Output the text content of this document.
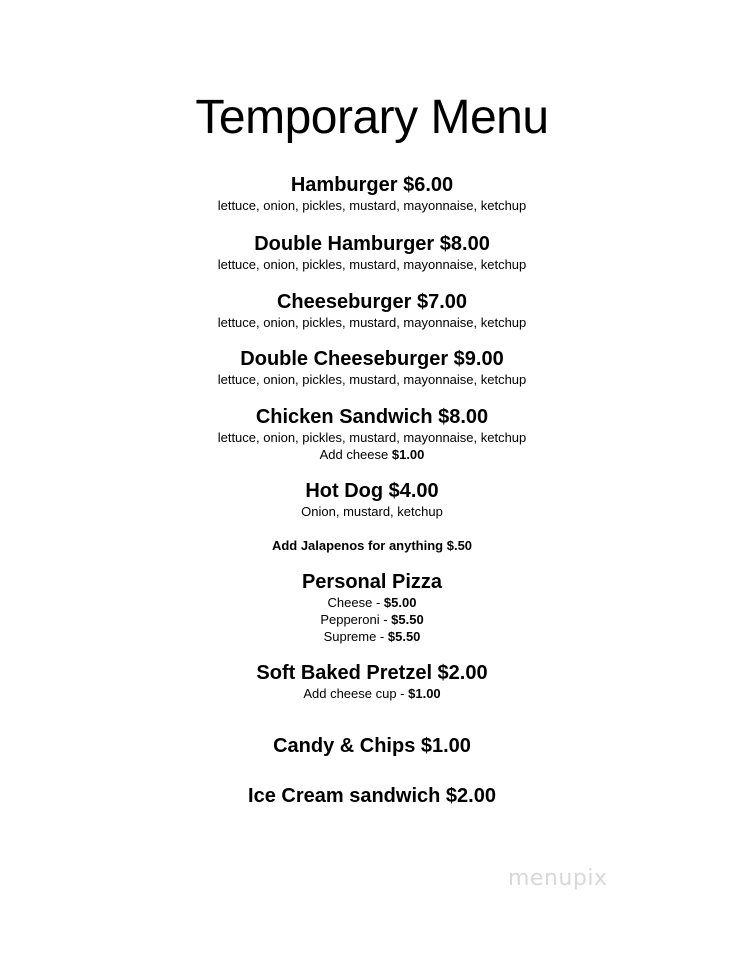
Temporary Menu
Hamburger $6.00
lettuce, onion, pickles, mustard, mayonnaise, ketchup
Double Hamburger $8.00
lettuce, onion, pickles, mustard, mayonnaise, ketchup
Cheeseburger $7.00
lettuce, onion, pickles, mustard, mayonnaise, ketchup
Double Cheeseburger $9.00
lettuce, onion, pickles, mustard, mayonnaise, ketchup
Chicken Sandwich $8.00
lettuce, onion, pickles, mustard, mayonnaise, ketchup
Add cheese $1.00
Hot Dog $4.00
Onion, mustard, ketchup
Add Jalapenos for anything $.50
Personal Pizza
Cheese - $5.00
Pepperoni - $5.50
Supreme - $5.50
Soft Baked Pretzel $2.00
Add cheese cup - $1.00
Candy & Chips $1.00
Ice Cream sandwich $2.00
menupix
